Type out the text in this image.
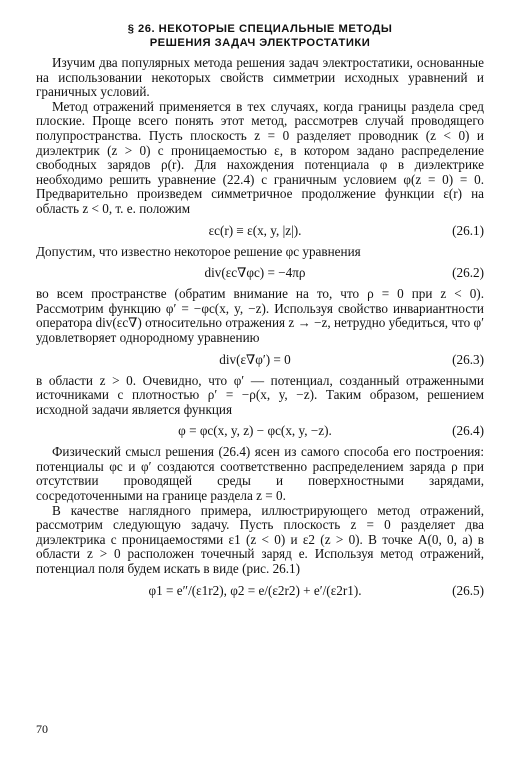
§ 26. НЕКОТОРЫЕ СПЕЦИАЛЬНЫЕ МЕТОДЫ
РЕШЕНИЯ ЗАДАЧ ЭЛЕКТРОСТАТИКИ

Изучим два популярных метода решения задач электростатики, основанные на использовании некоторых свойств симметрии исходных уравнений и граничных условий.

Метод отражений применяется в тех случаях, когда границы раздела сред плоские. Проще всего понять этот метод, рассмотрев случай проводящего полупространства. Пусть плоскость z = 0 разделяет проводник (z < 0) и диэлектрик (z > 0) с проницаемостью ε, в котором задано распределение свободных зарядов ρ(r). Для нахождения потенциала φ в диэлектрике необходимо решить уравнение (22.4) с граничным условием φ(z = 0) = 0. Предварительно произведем симметричное продолжение функции ε(r) на область z < 0, т. е. положим

εc(r) ≡ ε(x, y, |z|).	(26.1)

Допустим, что известно некоторое решение φc уравнения

div(εc∇φc) = −4πρ	(26.2)

во всем пространстве (обратим внимание на то, что ρ = 0 при z < 0). Рассмотрим функцию φ′ = −φc(x, y, −z). Используя свойство инвариантности оператора div(εc∇) относительно отражения z → −z, нетрудно убедиться, что φ′ удовлетворяет однородному уравнению

div(ε∇φ′) = 0	(26.3)

в области z > 0. Очевидно, что φ′ — потенциал, созданный отраженными источниками с плотностью ρ′ = −ρ(x, y, −z). Таким образом, решением исходной задачи является функция

φ = φc(x, y, z) − φc(x, y, −z).	(26.4)

Физический смысл решения (26.4) ясен из самого способа его построения: потенциалы φc и φ′ создаются соответственно распределением заряда ρ при отсутствии проводящей среды и поверхностными зарядами, сосредоточенными на границе раздела z = 0.

В качестве наглядного примера, иллюстрирующего метод отражений, рассмотрим следующую задачу. Пусть плоскость z = 0 разделяет два диэлектрика с проницаемостями ε1 (z < 0) и ε2 (z > 0). В точке A(0, 0, a) в области z > 0 расположен точечный заряд e. Используя метод отражений, потенциал поля будем искать в виде (рис. 26.1)

φ1 = e″/(ε1r2), φ2 = e/(ε2r2) + e′/(ε2r1).	(26.5)
70
